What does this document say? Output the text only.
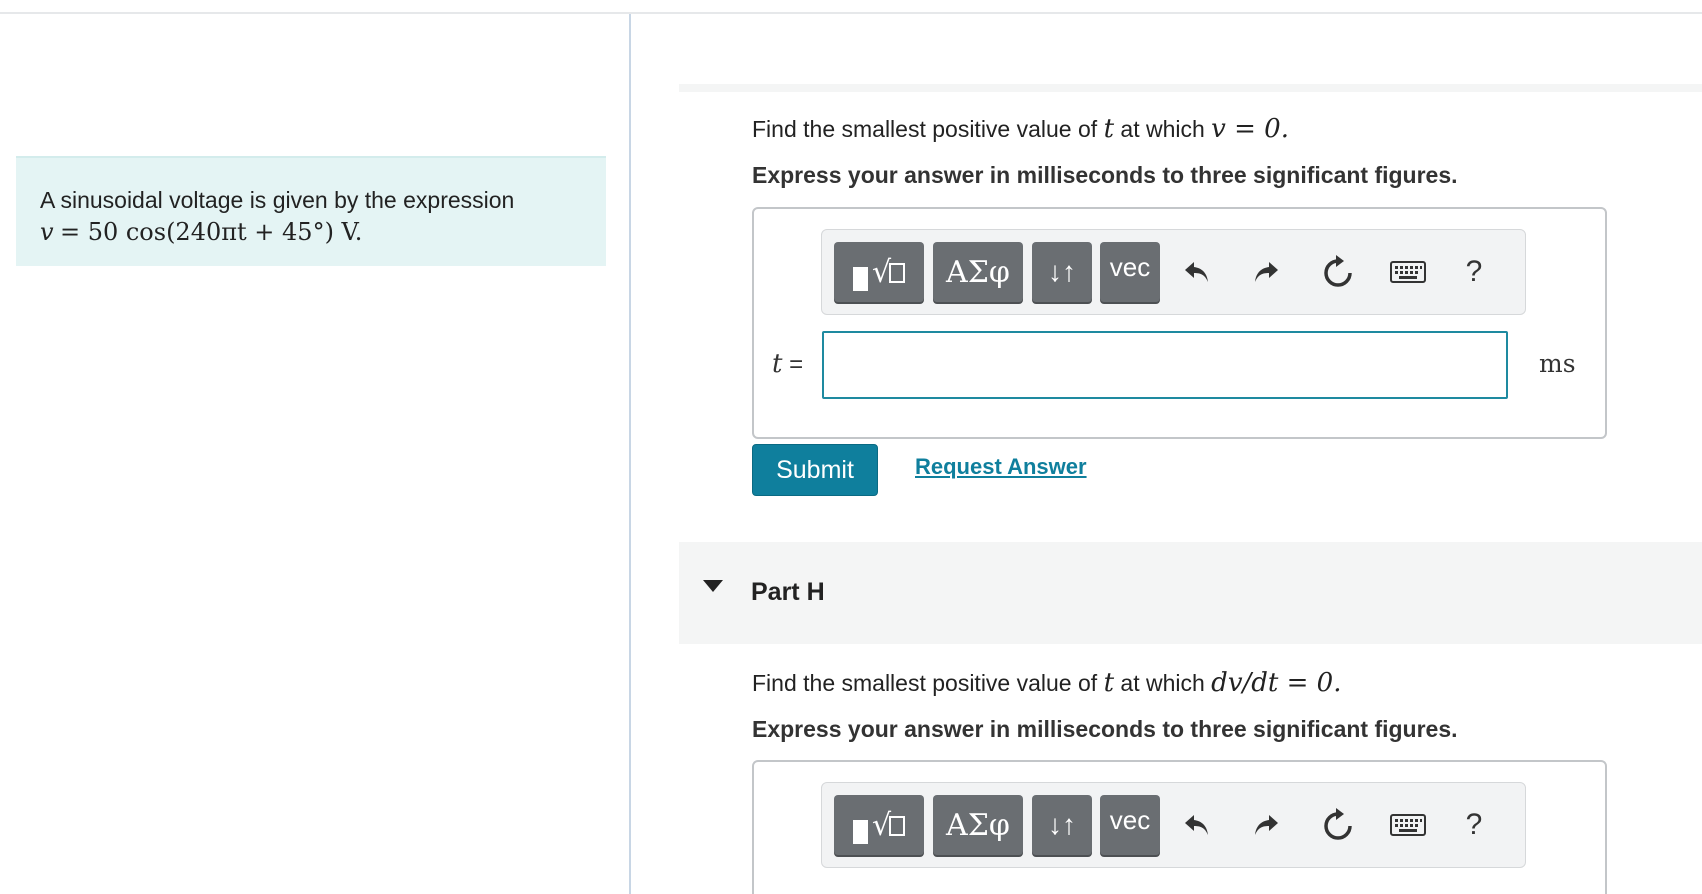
A sinusoidal voltage is given by the expression
v = 50 cos(240πt + 45°) V.
Find the smallest positive value of t at which v = 0.
Express your answer in milliseconds to three significant figures.
√	ΑΣφ	↓↑	vec	?
t =	ms
Submit	Request Answer
Part H
Find the smallest positive value of t at which dv/dt = 0.
Express your answer in milliseconds to three significant figures.
√	ΑΣφ	↓↑	vec	?
